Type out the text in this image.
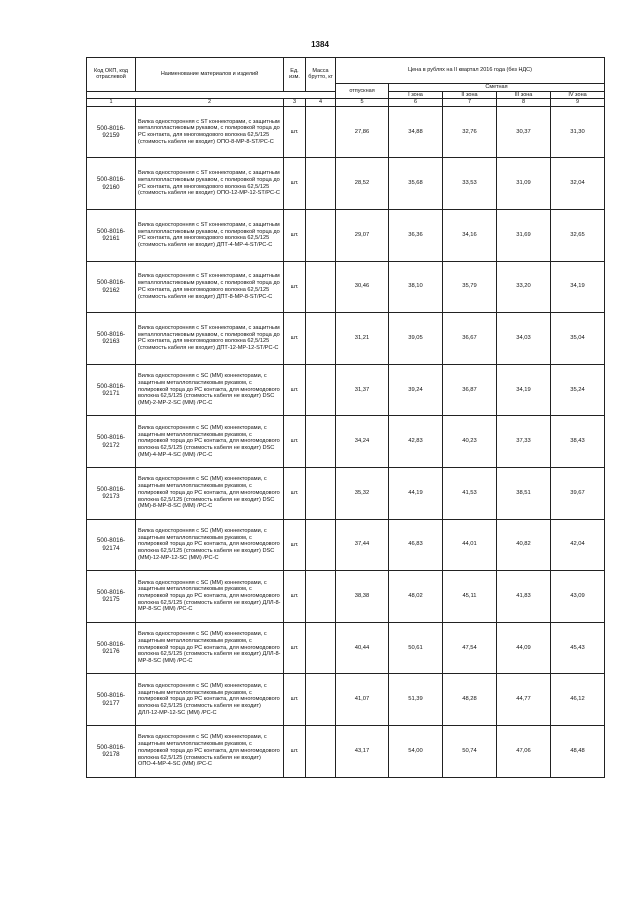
1384
Код ОКП, код отраслевой	Наименование материалов и изделий	Ед. изм.	Масса брутто, кг	Цена в рублях на II квартал 2016 года (без НДС)				
				отпускная	Сметная			
					I зона	II зона	III зона	IV зона
1	2	3	4	5	6	7	8	9
500-8016-92159	Вилка односторонняя с ST коннекторами, с защитным металлопластиковым рукавом, с полировкой торца до PC контакта, для многомодового волокна 62,5/125 (стоимость кабеля не входит) ОПО-8-МР-8-ST/PC-C	шт.		27,86	34,88	32,76	30,37	31,30
500-8016-92160	Вилка односторонняя с ST коннекторами, с защитным металлопластиковым рукавом, с полировкой торца до PC контакта, для многомодового волокна 62,5/125 (стоимость кабеля не входит) ОПО-12-МР-12-ST/PC-C	шт.		28,52	35,68	33,53	31,09	32,04
500-8016-92161	Вилка односторонняя с ST коннекторами, с защитным металлопластиковым рукавом, с полировкой торца до PC контакта, для многомодового волокна 62,5/125 (стоимость кабеля не входит) ДПТ-4-МР-4-ST/PC-C	шт.		29,07	36,36	34,16	31,69	32,65
500-8016-92162	Вилка односторонняя с ST коннекторами, с защитным металлопластиковым рукавом, с полировкой торца до PC контакта, для многомодового волокна 62,5/125 (стоимость кабеля не входит) ДПТ-8-МР-8-ST/PC-C	шт.		30,46	38,10	35,79	33,20	34,19
500-8016-92163	Вилка односторонняя с ST коннекторами, с защитным металлопластиковым рукавом, с полировкой торца до PC контакта, для многомодового волокна 62,5/125 (стоимость кабеля не входит) ДПТ-12-МР-12-ST/PC-C	шт.		31,21	39,05	36,67	34,03	35,04
500-8016-92171	Вилка односторонняя с SC (ММ) коннекторами, с защитным металлопластиковым рукавом, с полировкой торца до PC контакта, для многомодового волокна 62,5/125 (стоимость кабеля не входит) DSC (ММ)-2-МР-2-SC (ММ) /PC-C	шт.		31,37	39,24	36,87	34,19	35,24
500-8016-92172	Вилка односторонняя с SC (ММ) коннекторами, с защитным металлопластиковым рукавом, с полировкой торца до PC контакта, для многомодового волокна 62,5/125 (стоимость кабеля не входит) DSC (ММ)-4-МР-4-SC (ММ) /PC-C	шт.		34,24	42,83	40,23	37,33	38,43
500-8016-92173	Вилка односторонняя с SC (ММ) коннекторами, с защитным металлопластиковым рукавом, с полировкой торца до PC контакта, для многомодового волокна 62,5/125 (стоимость кабеля не входит) DSC (ММ)-8-МР-8-SC (ММ) /PC-C	шт.		35,32	44,19	41,53	38,51	39,67
500-8016-92174	Вилка односторонняя с SC (ММ) коннекторами, с защитным металлопластиковым рукавом, с полировкой торца до PC контакта, для многомодового волокна 62,5/125 (стоимость кабеля не входит) DSC (ММ)-12-МР-12-SC (ММ) /PC-C	шт.		37,44	46,83	44,01	40,82	42,04
500-8016-92175	Вилка односторонняя с SC (ММ) коннекторами, с защитным металлопластиковым рукавом, с полировкой торца до PC контакта, для многомодового волокна 62,5/125 (стоимость кабеля не входит) ДЛЛ-8-МР-8-SC (ММ) /PC-C	шт.		38,38	48,02	45,11	41,83	43,09
500-8016-92176	Вилка односторонняя с SC (ММ) коннекторами, с защитным металлопластиковым рукавом, с полировкой торца до PC контакта, для многомодового волокна 62,5/125 (стоимость кабеля не входит) ДЛЛ-8-МР-8-SC (ММ) /PC-C	шт.		40,44	50,61	47,54	44,09	45,43
500-8016-92177	Вилка односторонняя с SC (ММ) коннекторами, с защитным металлопластиковым рукавом, с полировкой торца до PC контакта, для многомодового волокна 62,5/125 (стоимость кабеля не входит) ДЛЛ-12-МР-12-SC (ММ) /PC-C	шт.		41,07	51,39	48,28	44,77	46,12
500-8016-92178	Вилка односторонняя с SC (ММ) коннекторами, с защитным металлопластиковым рукавом, с полировкой торца до PC контакта, для многомодового волокна 62,5/125 (стоимость кабеля не входит) ОПО-4-МР-4-SC (ММ) /PC-C	шт.		43,17	54,00	50,74	47,06	48,48
